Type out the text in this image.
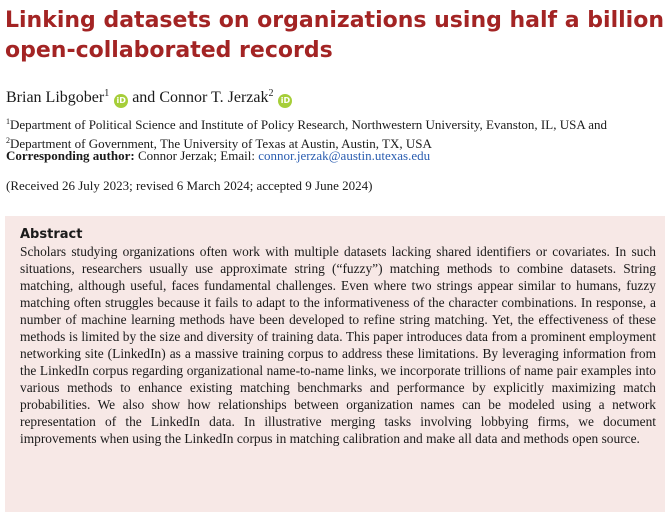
Linking datasets on organizations using half a billion open-collaborated records
Brian Libgober$^1$iD and Connor T. Jerzak$^2$iD
$^1$Department of Political Science and Institute of Policy Research, Northwestern University, Evanston, IL, USA and
$^2$Department of Government, The University of Texas at Austin, Austin, TX, USA
Corresponding author: Connor Jerzak; Email: connor.jerzak@austin.utexas.edu
(Received 26 July 2023; revised 6 March 2024; accepted 9 June 2024)
Abstract

Scholars studying organizations often work with multiple datasets lacking shared identifiers or covariates. In such situations, researchers usually use approximate string (“fuzzy”) matching methods to combine datasets. String matching, although useful, faces fundamental challenges. Even where two strings appear similar to humans, fuzzy matching often struggles because it fails to adapt to the informativeness of the character combinations. In response, a number of machine learning methods have been developed to refine string matching. Yet, the effectiveness of these methods is limited by the size and diversity of training data. This paper introduces data from a prominent employment networking site (LinkedIn) as a massive training corpus to address these limitations. By leveraging information from the LinkedIn corpus regarding organizational name-to-name links, we incorporate trillions of name pair examples into various methods to enhance existing matching benchmarks and performance by explicitly maximizing match probabilities. We also show how relationships between organization names can be modeled using a network representation of the LinkedIn data. In illustrative merging tasks involving lobbying firms, we document improvements when using the LinkedIn corpus in matching calibration and make all data and methods open source.
